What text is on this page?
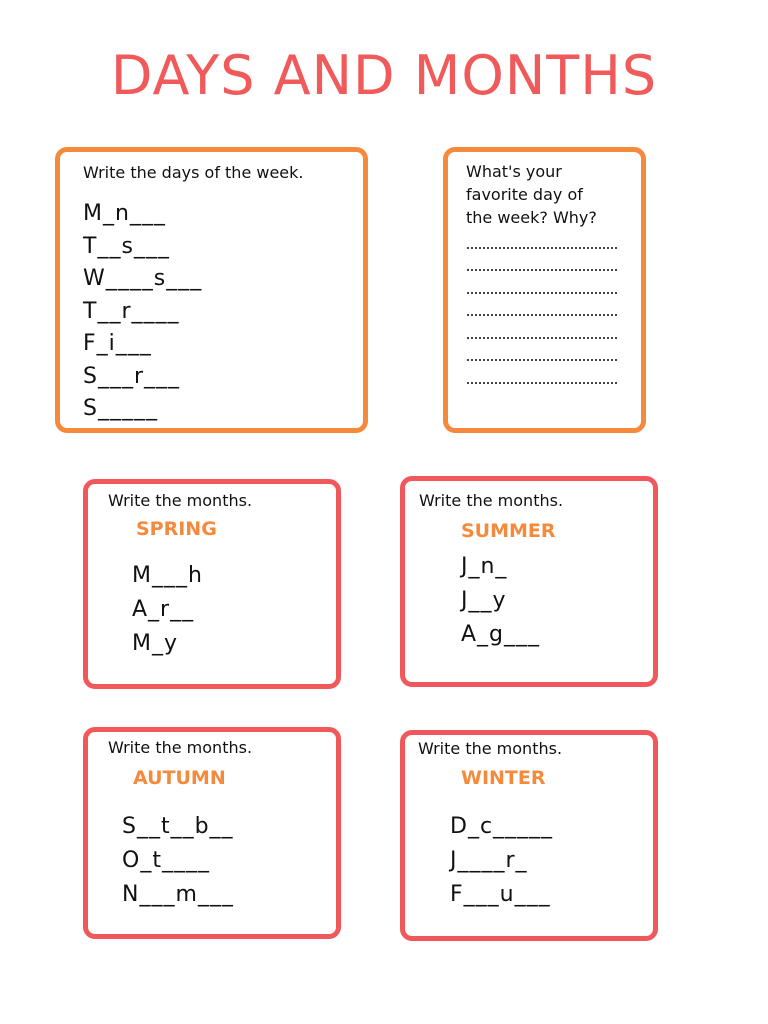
DAYS AND MONTHS
Write the days of the week.
M_n___
T__s___
W____s___
T__r____
F_i___
S___r___
S_____
What's your
favorite day of
the week? Why?
Write the months.
SPRING
M___h
A_r__
M_y
Write the months.
SUMMER
J_n_
J__y
A_g___
Write the months.
AUTUMN
S__t__b__
O_t____
N___m___
Write the months.
WINTER
D_c_____
J____r_
F___u___
